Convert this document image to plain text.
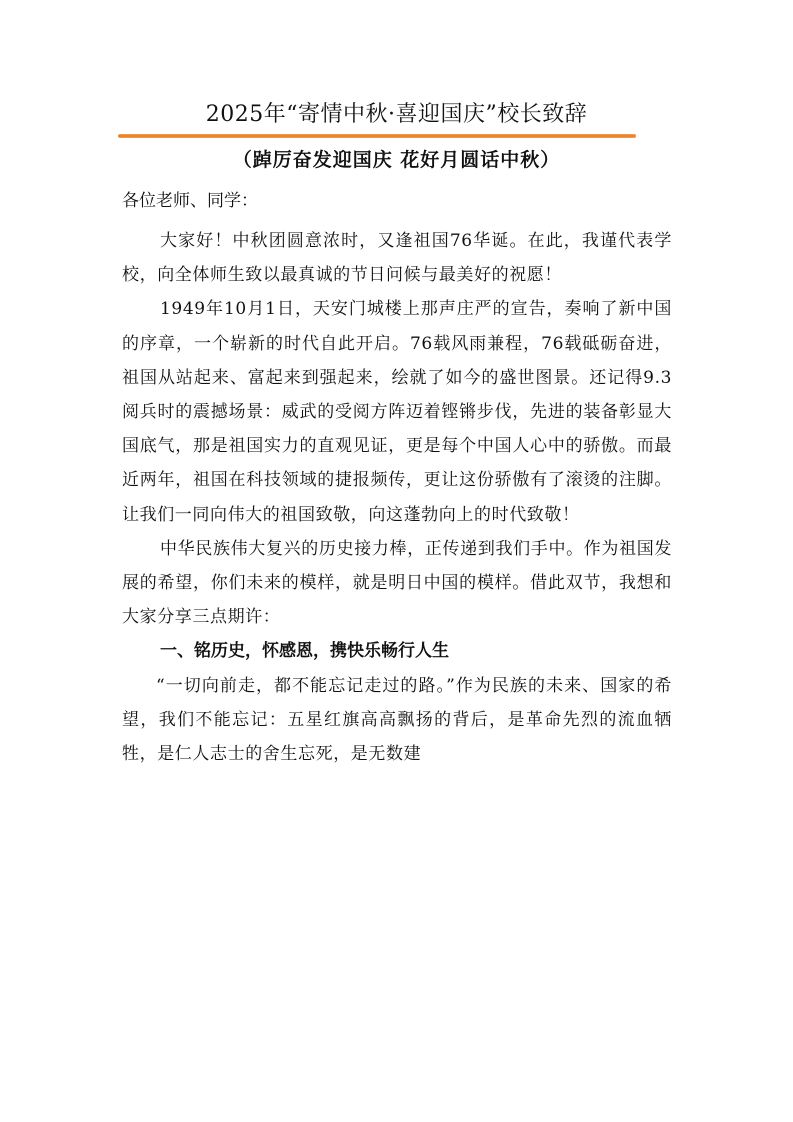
2025年“寄情中秋·喜迎国庆”校长致辞
（踔厉奋发迎国庆 花好月圆话中秋）

各位老师、同学：

大家好！中秋团圆意浓时，又逢祖国76华诞。在此，我谨代表学校，向全体师生致以最真诚的节日问候与最美好的祝愿！

1949年10月1日，天安门城楼上那声庄严的宣告，奏响了新中国的序章，一个崭新的时代自此开启。76载风雨兼程，76载砥砺奋进，祖国从站起来、富起来到强起来，绘就了如今的盛世图景。还记得9.3阅兵时的震撼场景：威武的受阅方阵迈着铿锵步伐，先进的装备彰显大国底气，那是祖国实力的直观见证，更是每个中国人心中的骄傲。而最近两年，祖国在科技领域的捷报频传，更让这份骄傲有了滚烫的注脚。让我们一同向伟大的祖国致敬，向这蓬勃向上的时代致敬！

中华民族伟大复兴的历史接力棒，正传递到我们手中。作为祖国发展的希望，你们未来的模样，就是明日中国的模样。借此双节，我想和大家分享三点期许：

一、铭历史，怀感恩，携快乐畅行人生

“一切向前走，都不能忘记走过的路。”作为民族的未来、国家的希望，我们不能忘记：五星红旗高高飘扬的背后，是革命先烈的流血牺牲，是仁人志士的舍生忘死，是无数建
